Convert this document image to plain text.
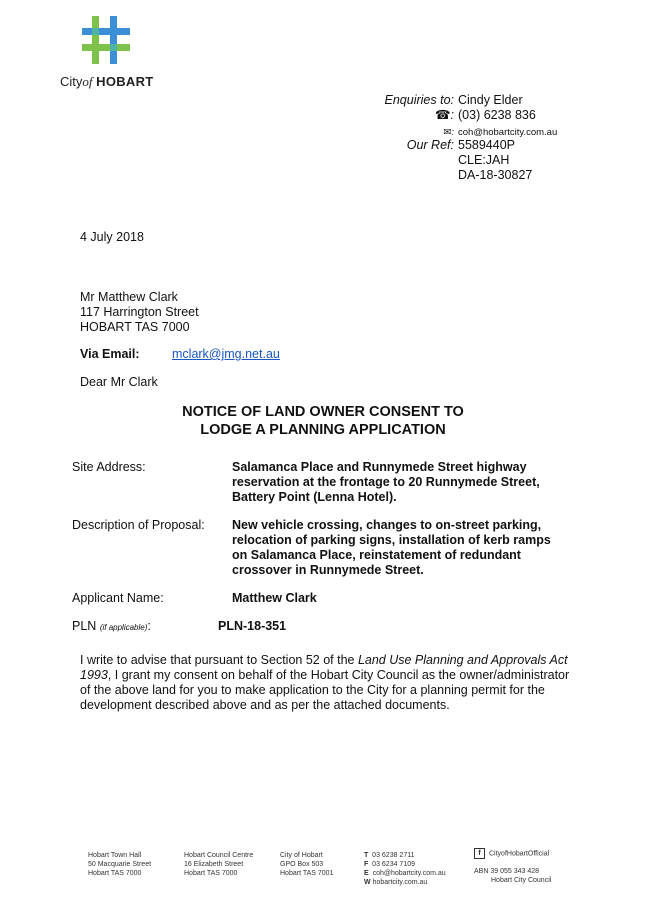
Cityof HOBART
Enquiries to: Cindy Elder
☎: (03) 6238 836
✉: coh@hobartcity.com.au
Our Ref: 5589440P
CLE:JAH
DA-18-30827
4 July 2018
Mr Matthew Clark
117 Harrington Street
HOBART TAS 7000
Via Email:	mclark@jmg.net.au
Dear Mr Clark
NOTICE OF LAND OWNER CONSENT TO
LODGE A PLANNING APPLICATION
Site Address:	Salamanca Place and Runnymede Street highway reservation at the frontage to 20 Runnymede Street, Battery Point (Lenna Hotel).
Description of Proposal: New vehicle crossing, changes to on-street parking, relocation of parking signs, installation of kerb ramps on Salamanca Place, reinstatement of redundant crossover in Runnymede Street.
Applicant Name:	Matthew Clark
PLN (if applicable):	PLN-18-351
I write to advise that pursuant to Section 52 of the Land Use Planning and Approvals Act 1993, I grant my consent on behalf of the Hobart City Council as the owner/administrator of the above land for you to make application to the City for a planning permit for the development described above and as per the attached documents.
Hobart Town Hall
50 Macquarie Street
Hobart TAS 7000
Hobart Council Centre
16 Elizabeth Street
Hobart TAS 7000
City of Hobart
GPO Box 503
Hobart TAS 7001
T 03 6238 2711
F 03 6234 7109
E coh@hobartcity.com.au
W hobartcity.com.au
f CityofHobartOfficial
ABN 39 055 343 428
Hobart City Council
